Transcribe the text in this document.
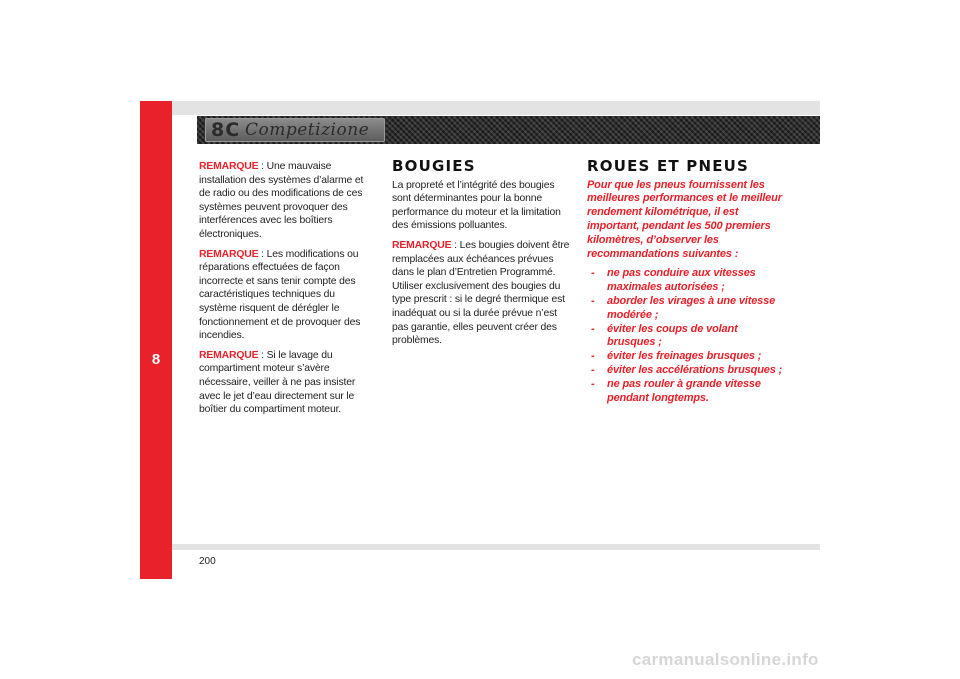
8
8C Competizione

REMARQUE : Une mauvaise installation des systèmes d’alarme et de radio ou des modifications de ces systèmes peuvent provoquer des interférences avec les boîtiers électroniques.

REMARQUE : Les modifications ou réparations effectuées de façon incorrecte et sans tenir compte des caractéristiques techniques du système risquent de dérégler le fonctionnement et de provoquer des incendies.

REMARQUE : Si le lavage du compartiment moteur s’avère nécessaire, veiller à ne pas insister avec le jet d’eau directement sur le boîtier du compartiment moteur.

BOUGIES

La propreté et l’intégrité des bougies sont déterminantes pour la bonne performance du moteur et la limitation des émissions polluantes.

REMARQUE : Les bougies doivent être remplacées aux échéances prévues dans le plan d’Entretien Programmé. Utiliser exclusivement des bougies du type prescrit : si le degré thermique est inadéquat ou si la durée prévue n’est pas garantie, elles peuvent créer des problèmes.

ROUES ET PNEUS

Pour que les pneus fournissent les meilleures performances et le meilleur rendement kilométrique, il est important, pendant les 500 premiers kilomètres, d’observer les recommandations suivantes :

- ne pas conduire aux vitesses maximales autorisées ;
- aborder les virages à une vitesse modérée ;
- éviter les coups de volant brusques ;
- éviter les freinages brusques ;
- éviter les accélérations brusques ;
- ne pas rouler à grande vitesse pendant longtemps.
200
carmanualsonline.info
